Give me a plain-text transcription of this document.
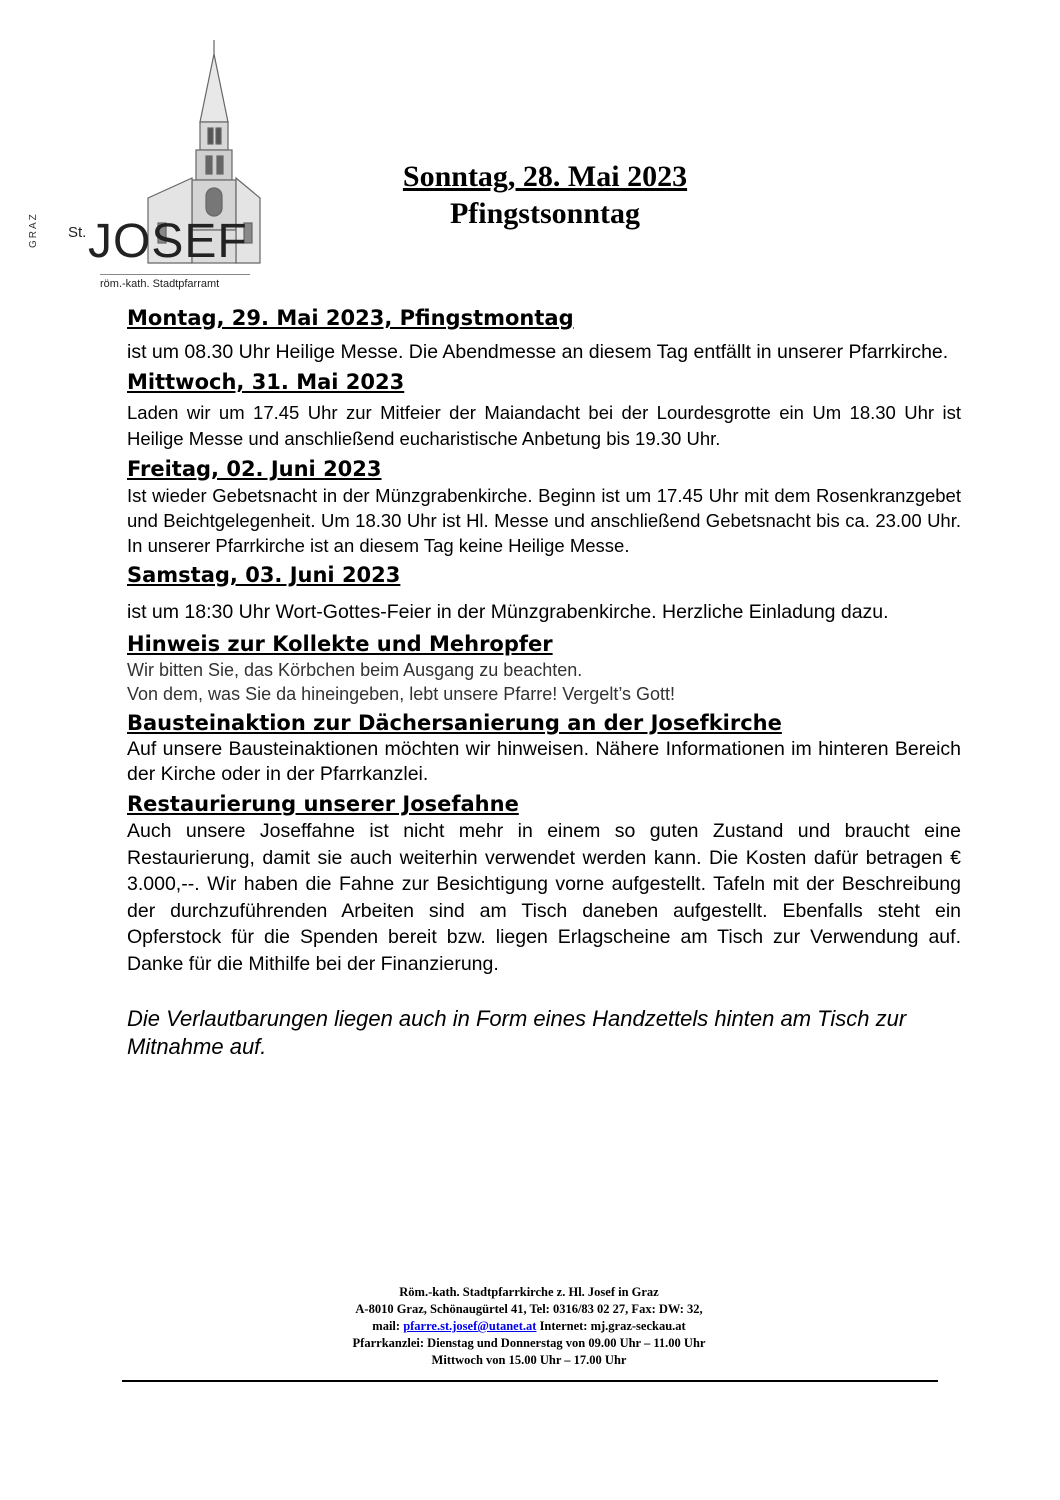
GRAZ St. JOSEF
röm.-kath. Stadtpfarramt
Sonntag, 28. Mai 2023
Pfingstsonntag
Montag, 29. Mai 2023, Pfingstmontag

ist um 08.30 Uhr Heilige Messe. Die Abendmesse an diesem Tag entfällt in unserer Pfarrkirche.

Mittwoch, 31. Mai 2023

Laden wir um 17.45 Uhr zur Mitfeier der Maiandacht bei der Lourdesgrotte ein Um 18.30 Uhr ist Heilige Messe und anschließend eucharistische Anbetung bis 19.30 Uhr.

Freitag, 02. Juni 2023

Ist wieder Gebetsnacht in der Münzgrabenkirche. Beginn ist um 17.45 Uhr mit dem Rosenkranzgebet und Beichtgelegenheit. Um 18.30 Uhr ist Hl. Messe und anschließend Gebetsnacht bis ca. 23.00 Uhr. In unserer Pfarrkirche ist an diesem Tag keine Heilige Messe.

Samstag, 03. Juni 2023

ist um 18:30 Uhr Wort-Gottes-Feier in der Münzgrabenkirche. Herzliche Einladung dazu.

Hinweis zur Kollekte und Mehropfer

Wir bitten Sie, das Körbchen beim Ausgang zu beachten.

Von dem, was Sie da hineingeben, lebt unsere Pfarre! Vergelt’s Gott!

Bausteinaktion zur Dächersanierung an der Josefkirche

Auf unsere Bausteinaktionen möchten wir hinweisen. Nähere Informationen im hinteren Bereich der Kirche oder in der Pfarrkanzlei.

Restaurierung unserer Josefahne

Auch unsere Joseffahne ist nicht mehr in einem so guten Zustand und braucht eine Restaurierung, damit sie auch weiterhin verwendet werden kann. Die Kosten dafür betragen € 3.000,--. Wir haben die Fahne zur Besichtigung vorne aufgestellt. Tafeln mit der Beschreibung der durchzuführenden Arbeiten sind am Tisch daneben aufgestellt. Ebenfalls steht ein Opferstock für die Spenden bereit bzw. liegen Erlagscheine am Tisch zur Verwendung auf. Danke für die Mithilfe bei der Finanzierung.

Die Verlautbarungen liegen auch in Form eines Handzettels hinten am Tisch zur Mitnahme auf.

Röm.-kath. Stadtpfarrkirche z. Hl. Josef in Graz
A-8010 Graz, Schönaugürtel 41, Tel: 0316/83 02 27, Fax: DW: 32,
mail: pfarre.st.josef@utanet.at Internet: mj.graz-seckau.at
Pfarrkanzlei: Dienstag und Donnerstag von 09.00 Uhr – 11.00 Uhr
Mittwoch von 15.00 Uhr – 17.00 Uhr
